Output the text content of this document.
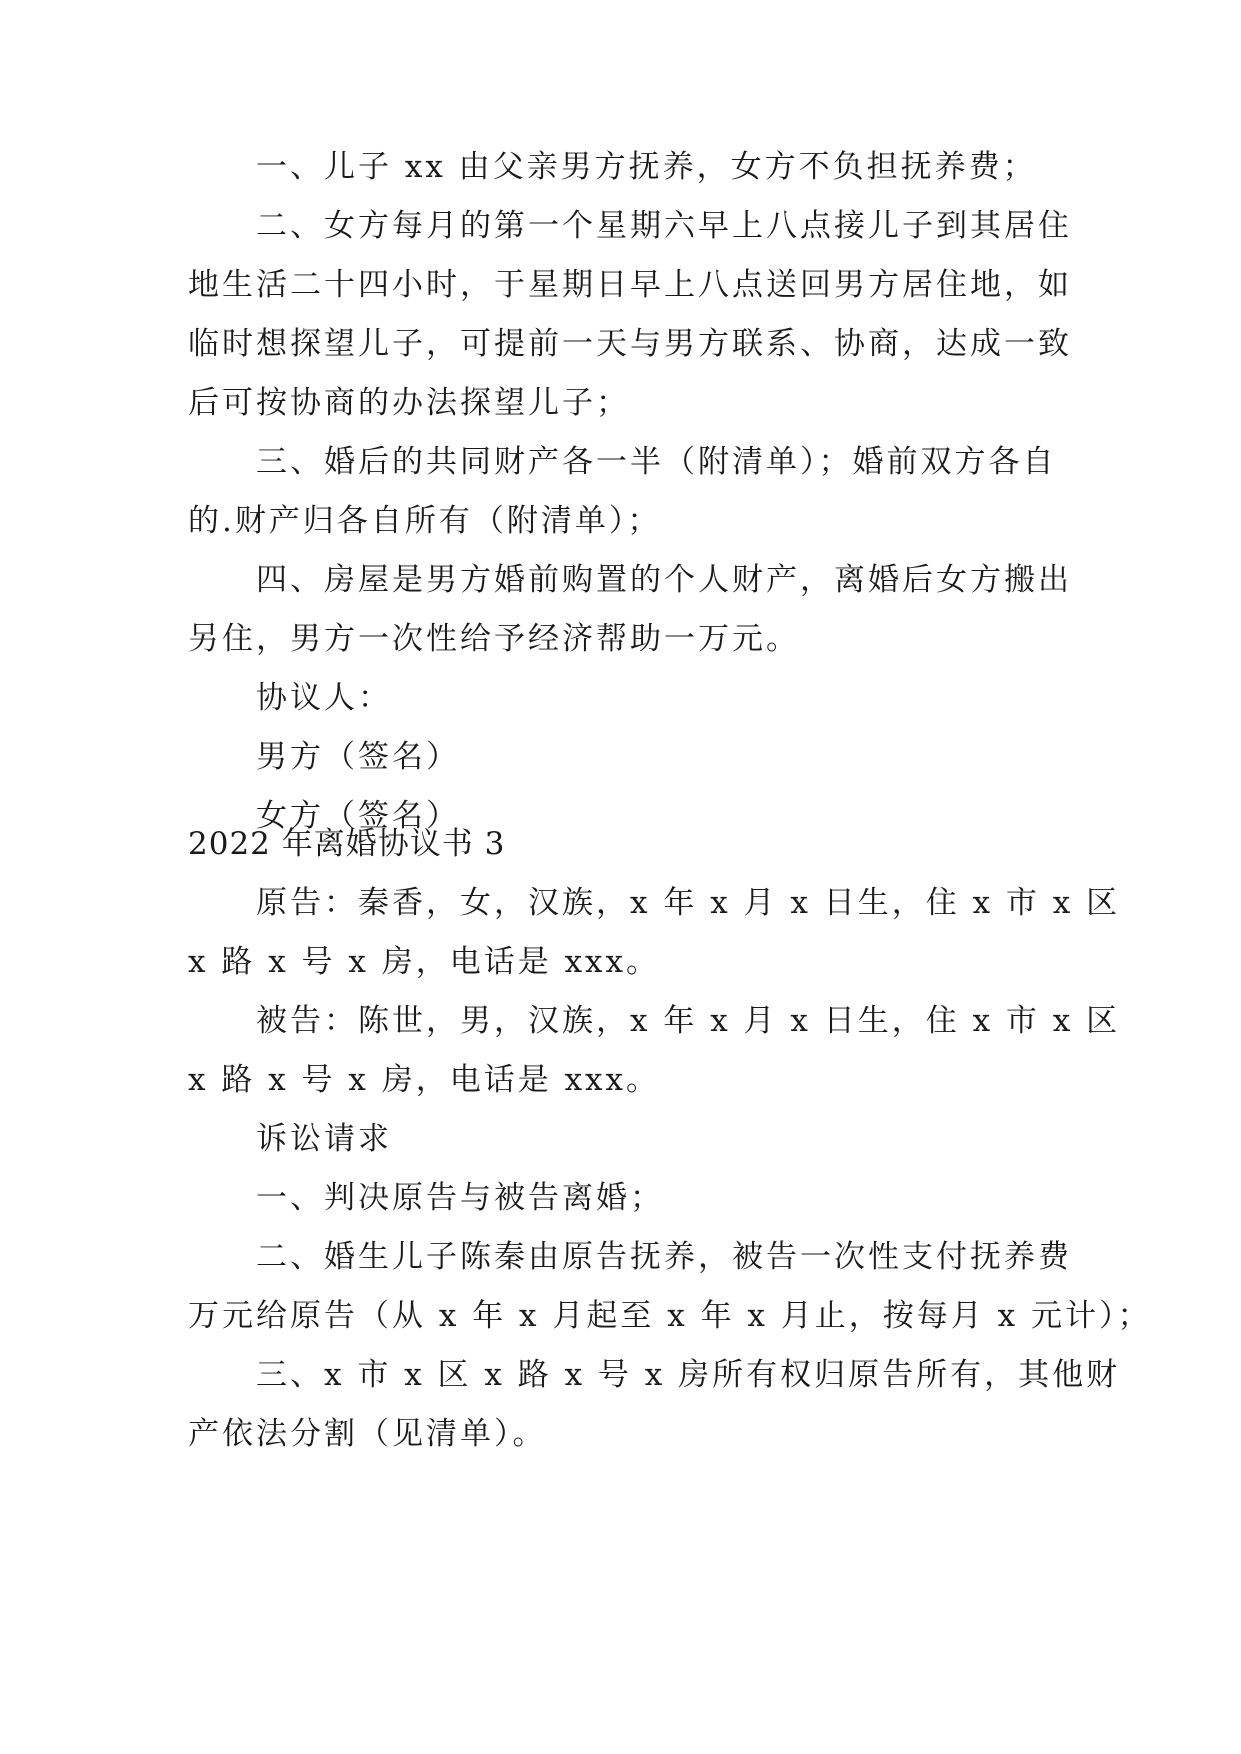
一、儿子 xx 由父亲男方抚养，女方不负担抚养费；
二、女方每月的第一个星期六早上八点接儿子到其居住
地生活二十四小时，于星期日早上八点送回男方居住地，如
临时想探望儿子，可提前一天与男方联系、协商，达成一致
后可按协商的办法探望儿子；
三、婚后的共同财产各一半（附清单）；婚前双方各自
的.财产归各自所有（附清单）；
四、房屋是男方婚前购置的个人财产，离婚后女方搬出
另住，男方一次性给予经济帮助一万元。
协议人：
男方（签名）
女方（签名）
2022 年离婚协议书 3
原告：秦香，女，汉族，x 年 x 月 x 日生，住 x 市 x 区
x 路 x 号 x 房，电话是 xxx。
被告：陈世，男，汉族，x 年 x 月 x 日生，住 x 市 x 区
x 路 x 号 x 房，电话是 xxx。
诉讼请求
一、判决原告与被告离婚；
二、婚生儿子陈秦由原告抚养，被告一次性支付抚养费
万元给原告（从 x 年 x 月起至 x 年 x 月止，按每月 x 元计）；
三、x 市 x 区 x 路 x 号 x 房所有权归原告所有，其他财
产依法分割（见清单）。
